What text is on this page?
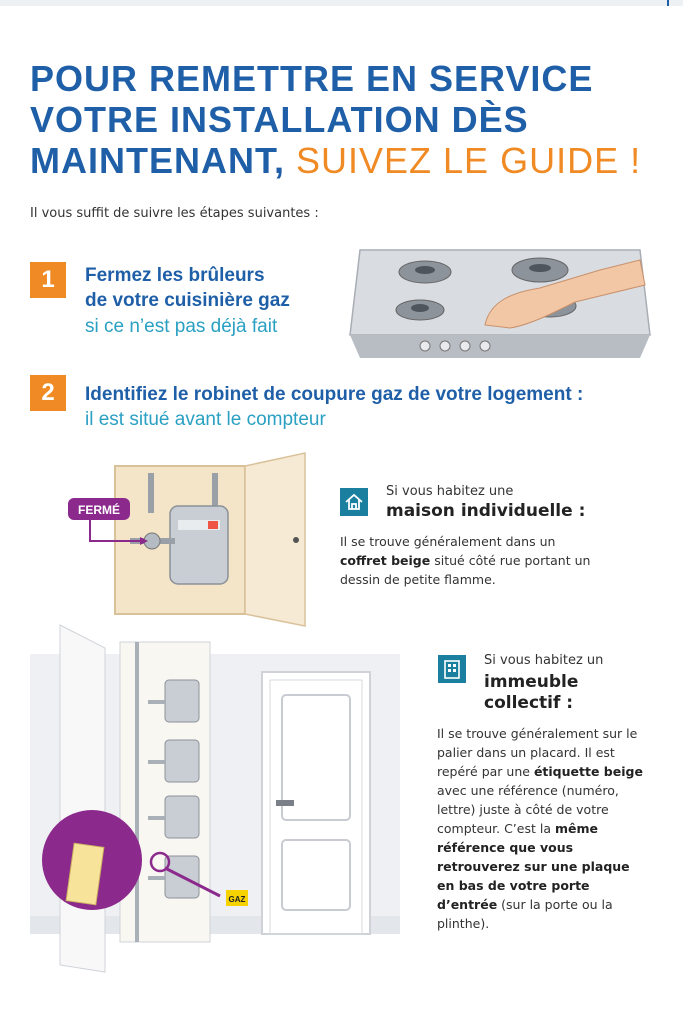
POUR REMETTRE EN SERVICE
VOTRE INSTALLATION DÈS
MAINTENANT, SUIVEZ LE GUIDE !
Il vous suffit de suivre les étapes suivantes :
1	Fermez les brûleurs
de votre cuisinière gaz
si ce n’est pas déjà fait
2	Identifiez le robinet de coupure gaz de votre logement :
il est situé avant le compteur
FERMÉ
Si vous habitez une
maison individuelle :
Il se trouve généralement dans un coffret beige situé côté rue portant un dessin de petite flamme.
GAZ
Si vous habitez un
immeuble
collectif :
Il se trouve généralement sur le palier dans un placard. Il est repéré par une étiquette beige avec une référence (numéro, lettre) juste à côté de votre compteur. C’est la même référence que vous retrouverez sur une plaque en bas de votre porte d’entrée (sur la porte ou la plinthe).
